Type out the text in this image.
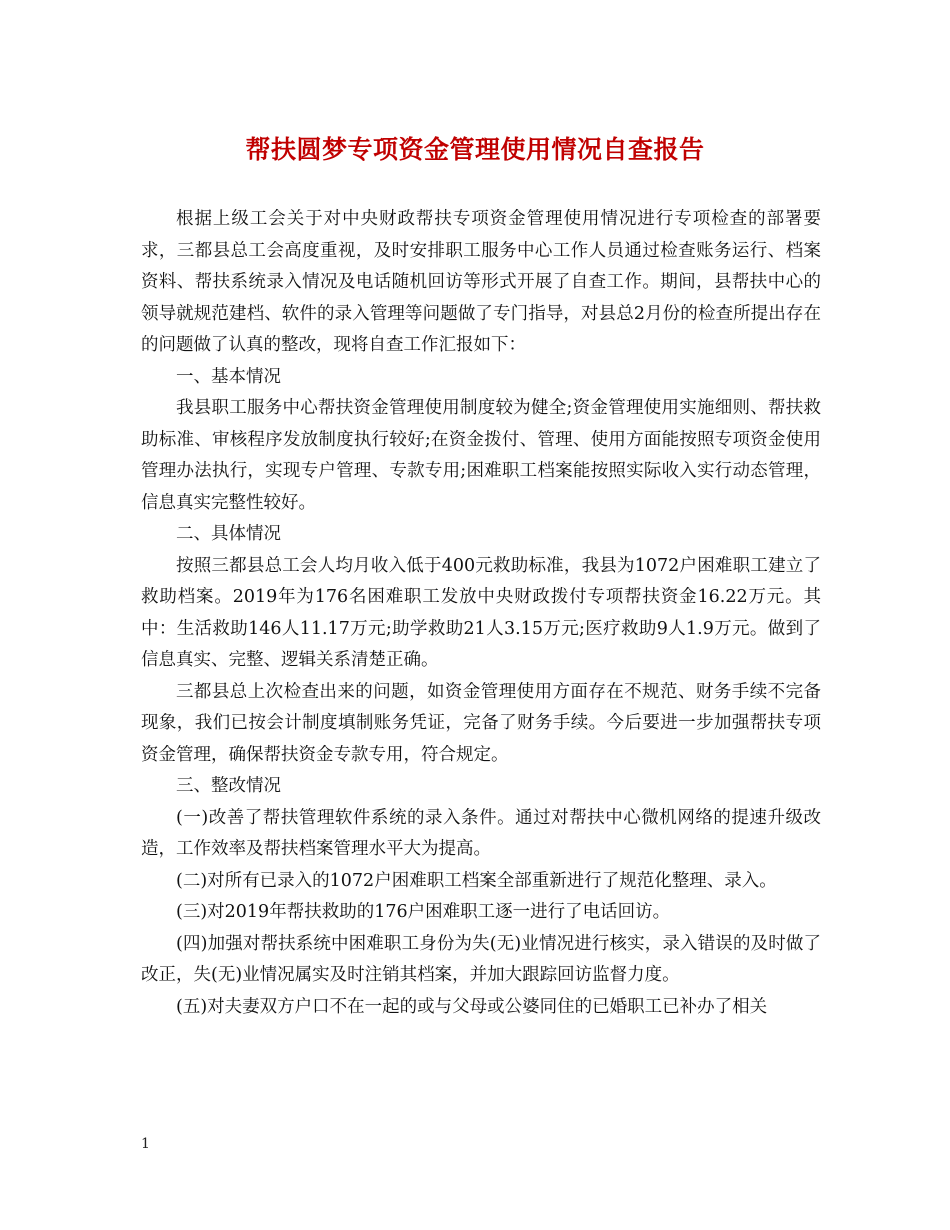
帮扶圆梦专项资金管理使用情况自查报告

根据上级工会关于对中央财政帮扶专项资金管理使用情况进行专项检查的部署要求，三都县总工会高度重视，及时安排职工服务中心工作人员通过检查账务运行、档案资料、帮扶系统录入情况及电话随机回访等形式开展了自查工作。期间，县帮扶中心的领导就规范建档、软件的录入管理等问题做了专门指导，对县总2月份的检查所提出存在的问题做了认真的整改，现将自查工作汇报如下：

一、基本情况

我县职工服务中心帮扶资金管理使用制度较为健全;资金管理使用实施细则、帮扶救助标准、审核程序发放制度执行较好;在资金拨付、管理、使用方面能按照专项资金使用管理办法执行，实现专户管理、专款专用;困难职工档案能按照实际收入实行动态管理，信息真实完整性较好。

二、具体情况

按照三都县总工会人均月收入低于400元救助标准，我县为1072户困难职工建立了救助档案。2019年为176名困难职工发放中央财政拨付专项帮扶资金16.22万元。其中：生活救助146人11.17万元;助学救助21人3.15万元;医疗救助9人1.9万元。做到了信息真实、完整、逻辑关系清楚正确。

三都县总上次检查出来的问题，如资金管理使用方面存在不规范、财务手续不完备现象，我们已按会计制度填制账务凭证，完备了财务手续。今后要进一步加强帮扶专项资金管理，确保帮扶资金专款专用，符合规定。

三、整改情况

(一)改善了帮扶管理软件系统的录入条件。通过对帮扶中心微机网络的提速升级改造，工作效率及帮扶档案管理水平大为提高。

(二)对所有已录入的1072户困难职工档案全部重新进行了规范化整理、录入。

(三)对2019年帮扶救助的176户困难职工逐一进行了电话回访。

(四)加强对帮扶系统中困难职工身份为失(无)业情况进行核实，录入错误的及时做了改正，失(无)业情况属实及时注销其档案，并加大跟踪回访监督力度。

(五)对夫妻双方户口不在一起的或与父母或公婆同住的已婚职工已补办了相关

1
